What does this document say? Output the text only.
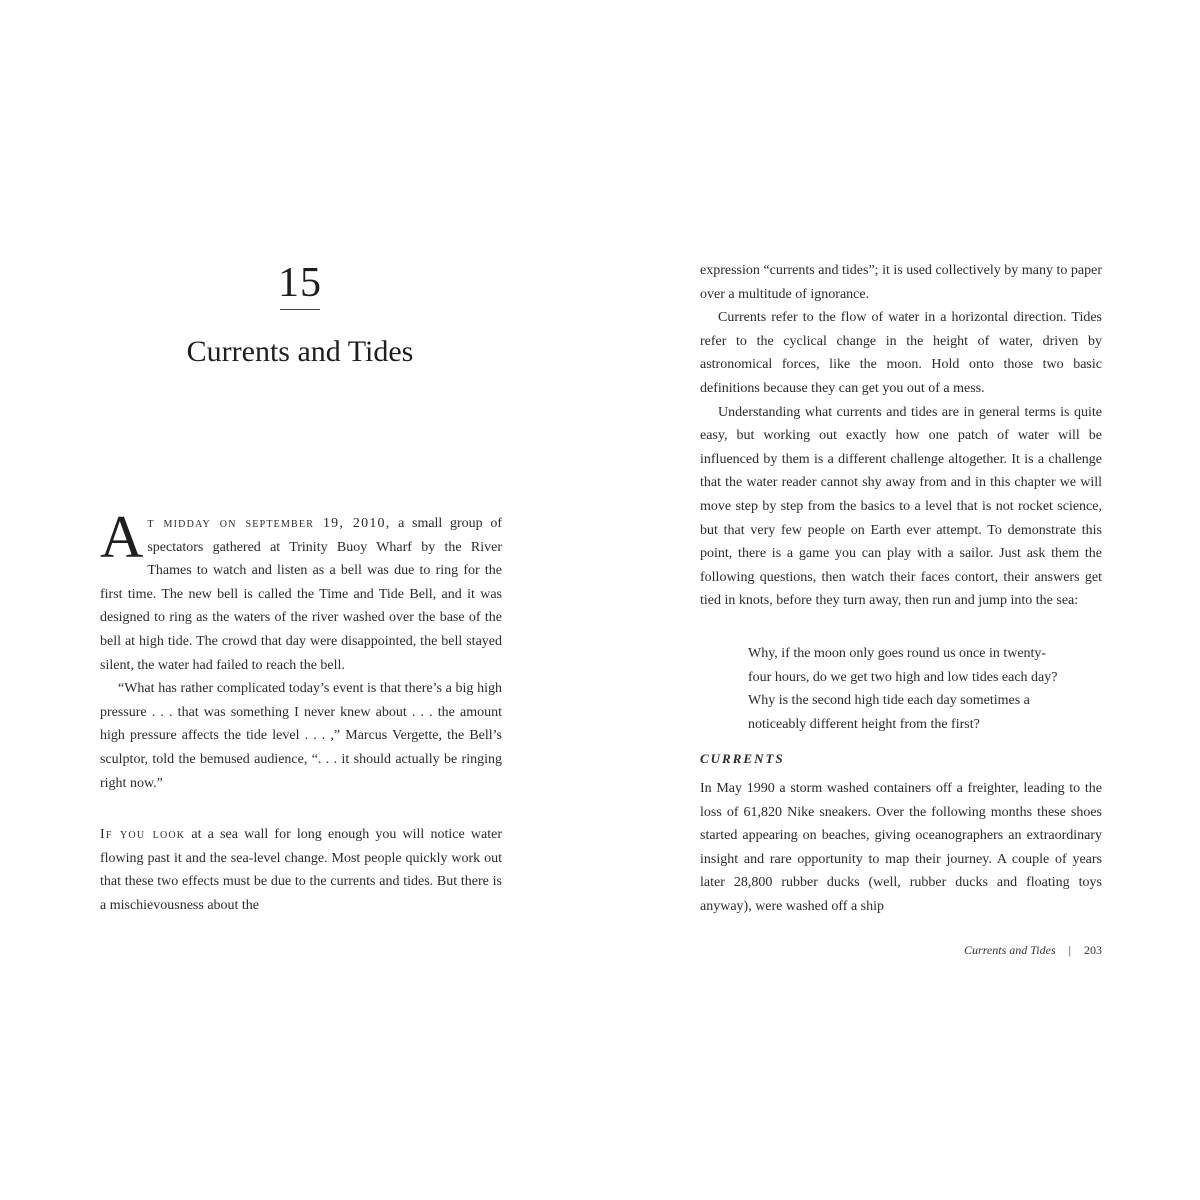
15
Currents and Tides

At midday on september 19, 2010, a small group of spectators gathered at Trinity Buoy Wharf by the River Thames to watch and listen as a bell was due to ring for the first time. The new bell is called the Time and Tide Bell, and it was designed to ring as the waters of the river washed over the base of the bell at high tide. The crowd that day were disappointed, the bell stayed silent, the water had failed to reach the bell.

“What has rather complicated today’s event is that there’s a big high pressure . . . that was something I never knew about . . . the amount high pressure affects the tide level . . . ,” Marcus Vergette, the Bell’s sculptor, told the bemused audience, “. . . it should actually be ringing right now.”

If you look at a sea wall for long enough you will notice water flowing past it and the sea-level change. Most people quickly work out that these two effects must be due to the currents and tides. But there is a mischievousness about the

expression “currents and tides”; it is used collectively by many to paper over a multitude of ignorance.

Currents refer to the flow of water in a horizontal direction. Tides refer to the cyclical change in the height of water, driven by astronomical forces, like the moon. Hold onto those two basic definitions because they can get you out of a mess.

Understanding what currents and tides are in general terms is quite easy, but working out exactly how one patch of water will be influenced by them is a different challenge altogether. It is a challenge that the water reader cannot shy away from and in this chapter we will move step by step from the basics to a level that is not rocket science, but that very few people on Earth ever attempt. To demonstrate this point, there is a game you can play with a sailor. Just ask them the following questions, then watch their faces contort, their answers get tied in knots, before they turn away, then run and jump into the sea:

Why, if the moon only goes round us once in twenty-

four hours, do we get two high and low tides each day?

Why is the second high tide each day sometimes a

noticeably different height from the first?

CURRENTS

In May 1990 a storm washed containers off a freighter, leading to the loss of 61,820 Nike sneakers. Over the following months these shoes started appearing on beaches, giving oceanographers an extraordinary insight and rare opportunity to map their journey. A couple of years later 28,800 rubber ducks (well, rubber ducks and floating toys anyway), were washed off a ship

Currents and Tides | 203
